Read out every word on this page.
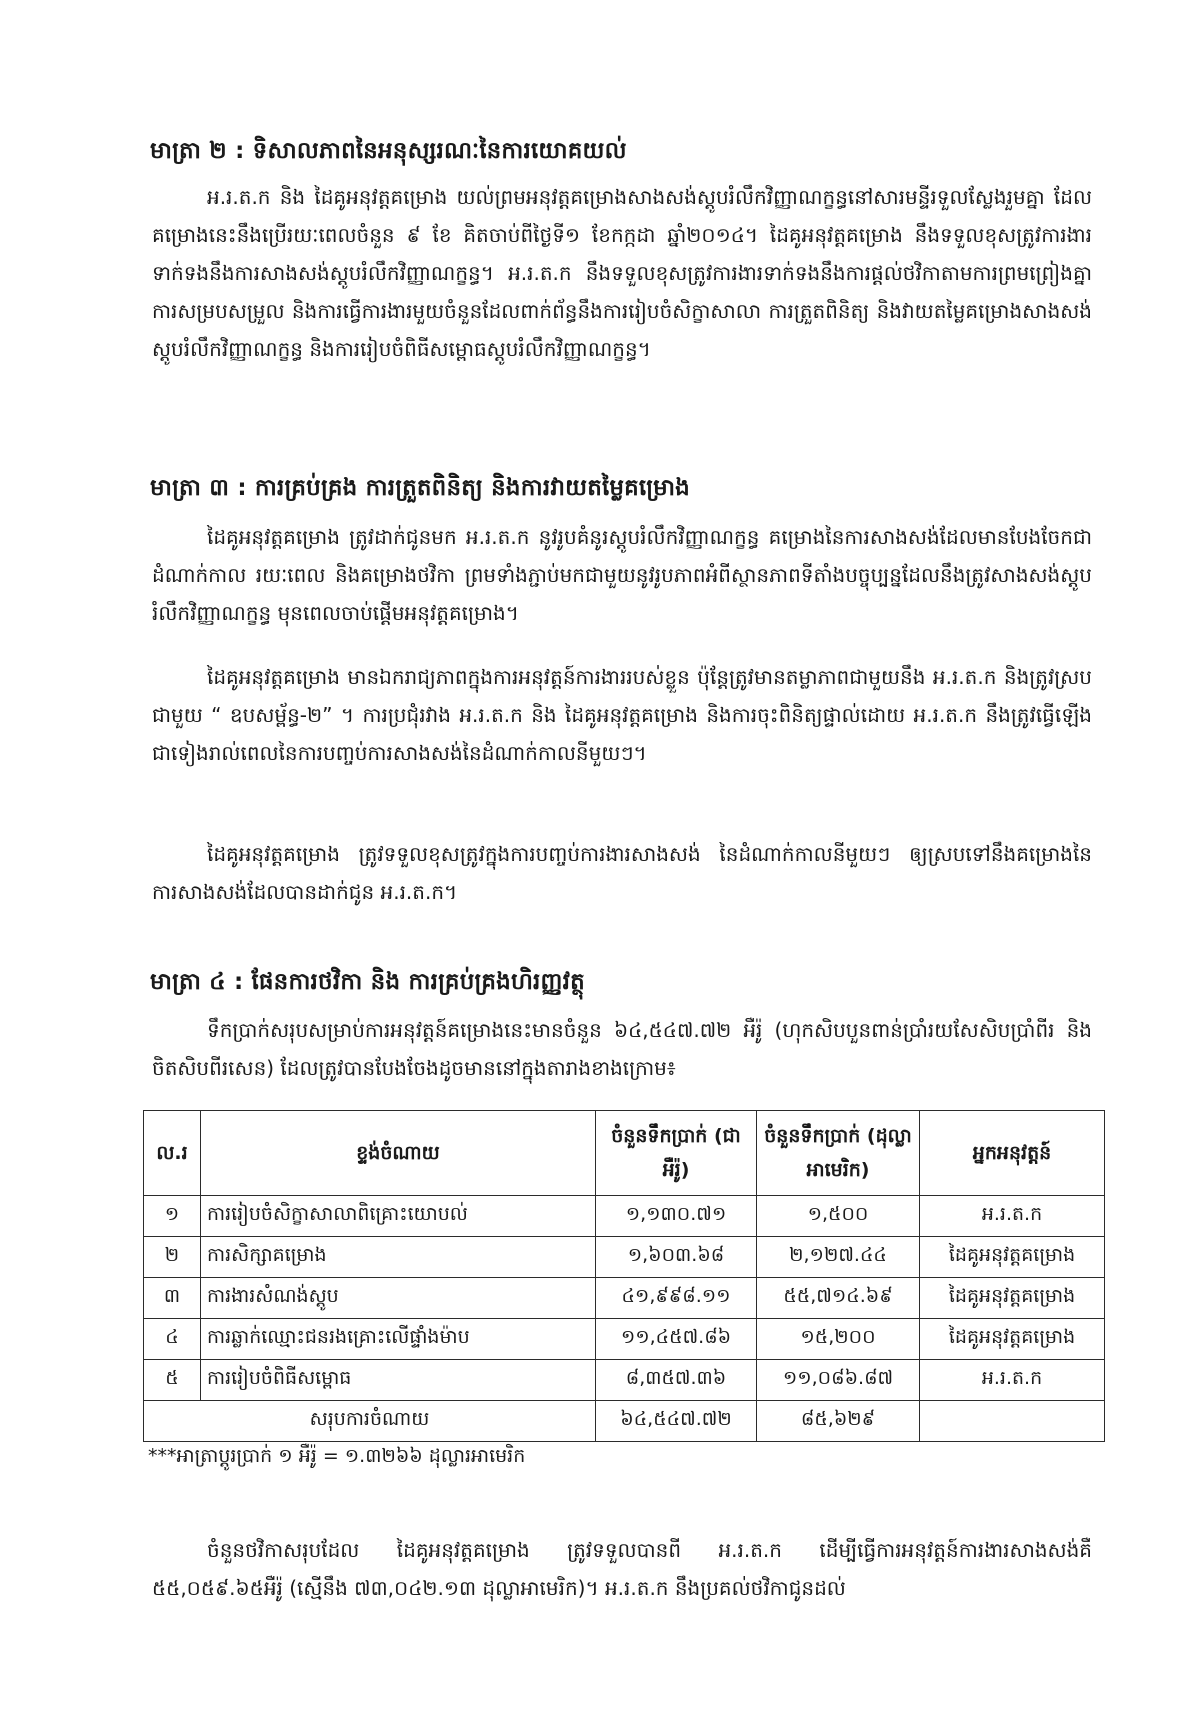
មាត្រា ២ : ទិសាលភាពនៃអនុស្សរណៈនៃការយោគយល់
អ.រ.ត.ក និង ដៃគូអនុវត្តគម្រោង យល់ព្រមអនុវត្តគម្រោងសាងសង់ស្តូបរំលឹកវិញ្ញាណក្ខន្ធនៅសារមន្ទីរទួលស្លែងរួមគ្នា ដែលគម្រោងនេះនឹងប្រើរយៈពេលចំនួន ៩ ខែ គិតចាប់ពីថ្ងៃទី១ ខែកក្កដា ឆ្នាំ២០១៤។ ដៃគូអនុវត្តគម្រោង នឹងទទួលខុសត្រូវការងារទាក់ទងនឹងការសាងសង់ស្តូបរំលឹកវិញ្ញាណក្ខន្ធ។ អ.រ.ត.ក នឹងទទួលខុសត្រូវការងារទាក់ទងនឹងការផ្តល់ថវិកាតាមការព្រមព្រៀងគ្នា ការសម្របសម្រួល និងការធ្វើការងារមួយចំនួនដែលពាក់ព័ន្ធនឹងការរៀបចំសិក្ខាសាលា ការត្រួតពិនិត្យ និងវាយតម្លៃគម្រោងសាងសង់ស្តូបរំលឹកវិញ្ញាណក្ខន្ធ និងការរៀបចំពិធីសម្ពោធស្តូបរំលឹកវិញ្ញាណក្ខន្ធ។
មាត្រា ៣ : ការគ្រប់គ្រង ការត្រួតពិនិត្យ និងការវាយតម្លៃគម្រោង
ដៃគូអនុវត្តគម្រោង ត្រូវដាក់ជូនមក អ.រ.ត.ក នូវរូបគំនូរស្តូបរំលឹកវិញ្ញាណក្ខន្ធ គម្រោងនៃការសាងសង់ដែលមានបែងចែកជាដំណាក់កាល រយៈពេល និងគម្រោងថវិកា ព្រមទាំងភ្ជាប់មកជាមួយនូវរូបភាពអំពីស្ថានភាពទីតាំងបច្ចុប្បន្នដែលនឹងត្រូវសាងសង់ស្តូបរំលឹកវិញ្ញាណក្ខន្ធ មុនពេលចាប់ផ្តើមអនុវត្តគម្រោង។
ដៃគូអនុវត្តគម្រោង មានឯករាជ្យភាពក្នុងការអនុវត្តន៍ការងាររបស់ខ្លួន ប៉ុន្តែត្រូវមានតម្លាភាពជាមួយនឹង អ.រ.ត.ក និងត្រូវស្របជាមួយ “ ឧបសម្ព័ន្ធ-២” ។ ការប្រជុំរវាង អ.រ.ត.ក និង ដៃគូអនុវត្តគម្រោង និងការចុះពិនិត្យផ្ទាល់ដោយ អ.រ.ត.ក នឹងត្រូវធ្វើឡើងជាទៀងរាល់ពេលនៃការបញ្ចប់ការសាងសង់នៃដំណាក់កាលនីមួយៗ។
ដៃគូអនុវត្តគម្រោង ត្រូវទទួលខុសត្រូវក្នុងការបញ្ចប់ការងារសាងសង់ នៃដំណាក់កាលនីមួយៗ ឲ្យស្របទៅនឹងគម្រោងនៃការសាងសង់ដែលបានដាក់ជូន អ.រ.ត.ក។
មាត្រា ៤ : ផែនការថវិកា និង ការគ្រប់គ្រងហិរញ្ញវត្ថុ
ទឹកប្រាក់សរុបសម្រាប់ការអនុវត្តន៍គម្រោងនេះមានចំនួន ៦៤,៥៤៧.៧២ អឺរ៉ូ (ហុកសិបបួនពាន់ប្រាំរយសែសិបប្រាំពីរ និងចិតសិបពីរសេន) ដែលត្រូវបានបែងចែងដូចមាននៅក្នុងតារាងខាងក្រោម៖
ល.រ	ខ្ទង់ចំណាយ	ចំនួនទឹកប្រាក់ (ជាអឺរ៉ូ)	ចំនួនទឹកប្រាក់ (ដុល្លាអាមេរិក)	អ្នកអនុវត្តន៍
១	ការរៀបចំសិក្ខាសាលាពិគ្រោះយោបល់	១,១៣០.៧១	១,៥០០	អ.រ.ត.ក
២	ការសិក្សាគម្រោង	១,៦០៣.៦៨	២,១២៧.៤៤	ដៃគូអនុវត្តគម្រោង
៣	ការងារសំណង់ស្តូប	៤១,៩៩៨.១១	៥៥,៧១៤.៦៩	ដៃគូអនុវត្តគម្រោង
៤	ការឆ្លាក់ឈ្មោះជនរងគ្រោះលើផ្ទាំងម៉ាប	១១,៤៥៧.៨៦	១៥,២០០	ដៃគូអនុវត្តគម្រោង
៥	ការរៀបចំពិធីសម្ពោធ	៨,៣៥៧.៣៦	១១,០៨៦.៨៧	អ.រ.ត.ក
សរុបការចំណាយ		៦៤,៥៤៧.៧២	៨៥,៦២៩	
***អាត្រាប្តូរប្រាក់ ១ អឺរ៉ូ = ១.៣២៦៦ ដុល្លារអាមេរិក
ចំនួនថវិកាសរុបដែល ដៃគូអនុវត្តគម្រោង ត្រូវទទួលបានពី អ.រ.ត.ក ដើម្បីធ្វើការអនុវត្តន៍ការងារសាងសង់គឺ ៥៥,០៥៩.៦៥អឺរ៉ូ (ស្មើនឹង ៧៣,០៤២.១៣ ដុល្លាអាមេរិក)។ អ.រ.ត.ក នឹងប្រគល់ថវិកាជូនដល់
